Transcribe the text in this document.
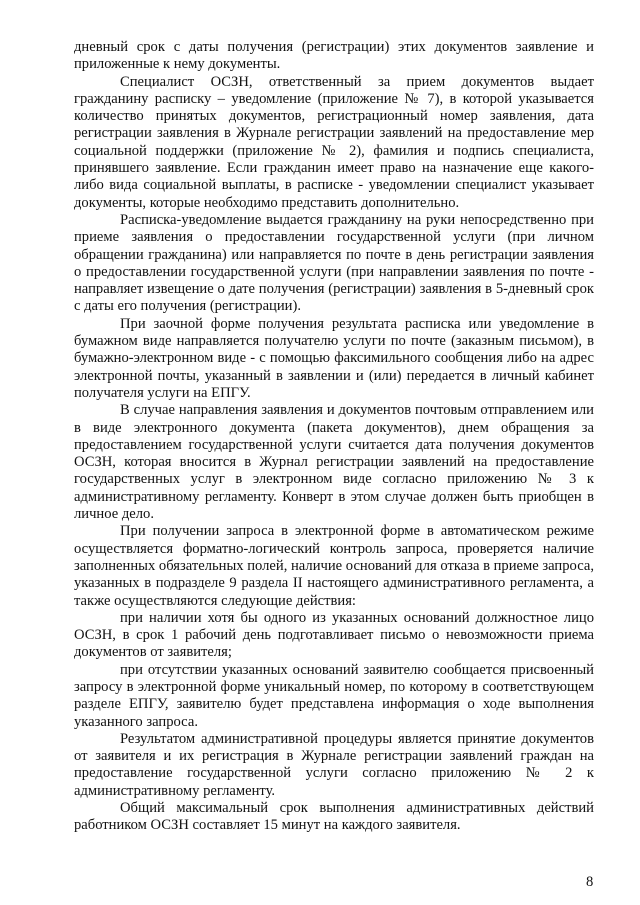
дневный срок с даты получения (регистрации) этих документов заявление и приложенные к нему документы.

Специалист ОСЗН, ответственный за прием документов выдает гражданину расписку – уведомление (приложение № 7), в которой указывается количество принятых документов, регистрационный номер заявления, дата регистрации заявления в Журнале регистрации заявлений на предоставление мер социальной поддержки (приложение № 2), фамилия и подпись специалиста, принявшего заявление. Если гражданин имеет право на назначение еще какого-либо вида социальной выплаты, в расписке - уведомлении специалист указывает документы, которые необходимо представить дополнительно.

Расписка-уведомление выдается гражданину на руки непосредственно при приеме заявления о предоставлении государственной услуги (при личном обращении гражданина) или направляется по почте в день регистрации заявления о предоставлении государственной услуги (при направлении заявления по почте - направляет извещение о дате получения (регистрации) заявления в 5-дневный срок с даты его получения (регистрации).

При заочной форме получения результата расписка или уведомление в бумажном виде направляется получателю услуги по почте (заказным письмом), в бумажно-электронном виде - с помощью факсимильного сообщения либо на адрес электронной почты, указанный в заявлении и (или) передается в личный кабинет получателя услуги на ЕПГУ.

В случае направления заявления и документов почтовым отправлением или в виде электронного документа (пакета документов), днем обращения за предоставлением государственной услуги считается дата получения документов ОСЗН, которая вносится в Журнал регистрации заявлений на предоставление государственных услуг в электронном виде согласно приложению № 3 к административному регламенту. Конверт в этом случае должен быть приобщен в личное дело.

При получении запроса в электронной форме в автоматическом режиме осуществляется форматно-логический контроль запроса, проверяется наличие заполненных обязательных полей, наличие оснований для отказа в приеме запроса, указанных в подразделе 9 раздела II настоящего административного регламента, а также осуществляются следующие действия:

при наличии хотя бы одного из указанных оснований должностное лицо ОСЗН, в срок 1 рабочий день подготавливает письмо о невозможности приема документов от заявителя;

при отсутствии указанных оснований заявителю сообщается присвоенный запросу в электронной форме уникальный номер, по которому в соответствующем разделе ЕПГУ, заявителю будет представлена информация о ходе выполнения указанного запроса.

Результатом административной процедуры является принятие документов от заявителя и их регистрация в Журнале регистрации заявлений граждан на предоставление государственной услуги согласно приложению № 2 к административному регламенту.

Общий максимальный срок выполнения административных действий работником ОСЗН составляет 15 минут на каждого заявителя.

8
